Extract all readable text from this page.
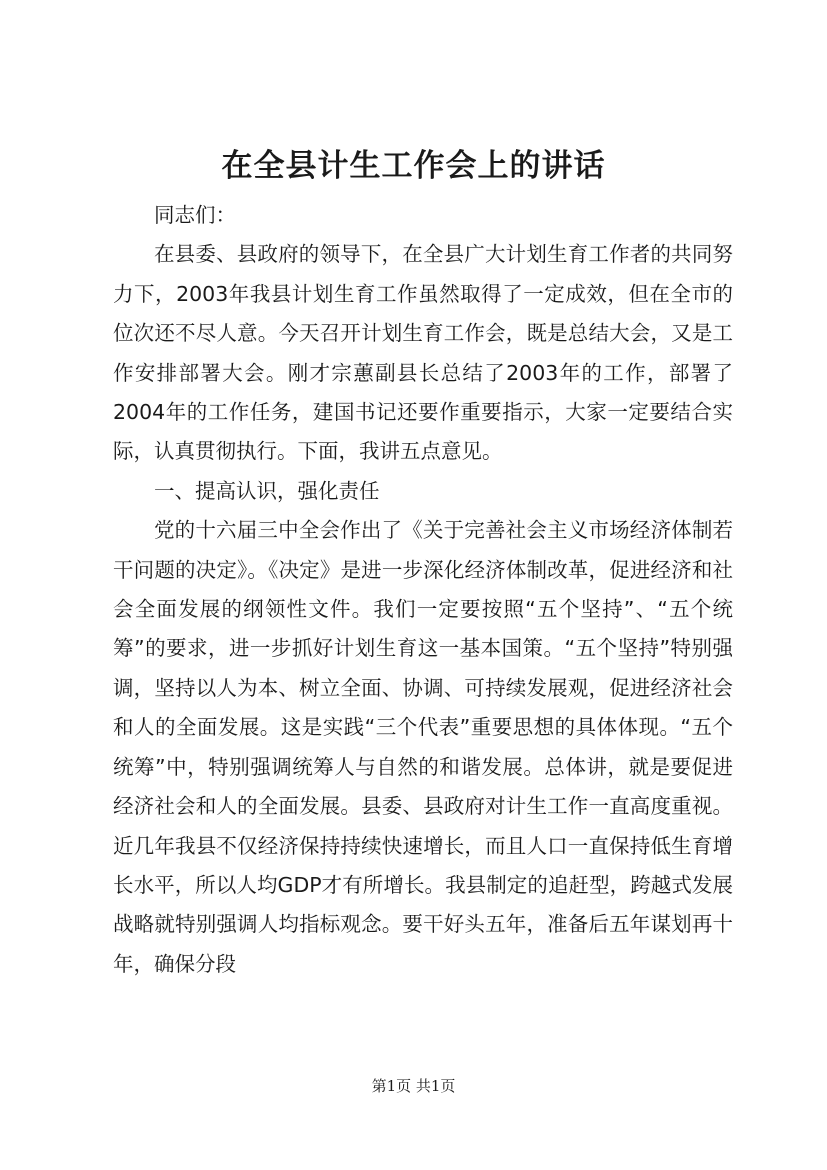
在全县计生工作会上的讲话

同志们：

在县委、县政府的领导下，在全县广大计划生育工作者的共同努力下，2003年我县计划生育工作虽然取得了一定成效，但在全市的位次还不尽人意。今天召开计划生育工作会，既是总结大会，又是工作安排部署大会。刚才宗蕙副县长总结了2003年的工作，部署了2004年的工作任务，建国书记还要作重要指示，大家一定要结合实际，认真贯彻执行。下面，我讲五点意见。

一、提高认识，强化责任

党的十六届三中全会作出了《关于完善社会主义市场经济体制若干问题的决定》。《决定》是进一步深化经济体制改革，促进经济和社会全面发展的纲领性文件。我们一定要按照“五个坚持”、“五个统筹”的要求，进一步抓好计划生育这一基本国策。“五个坚持”特别强调，坚持以人为本、树立全面、协调、可持续发展观，促进经济社会和人的全面发展。这是实践“三个代表”重要思想的具体体现。“五个统筹”中，特别强调统筹人与自然的和谐发展。总体讲，就是要促进经济社会和人的全面发展。县委、县政府对计生工作一直高度重视。近几年我县不仅经济保持持续快速增长，而且人口一直保持低生育增长水平，所以人均GDP才有所增长。我县制定的追赶型，跨越式发展战略就特别强调人均指标观念。要干好头五年，准备后五年谋划再十年，确保分段

第1页 共1页
